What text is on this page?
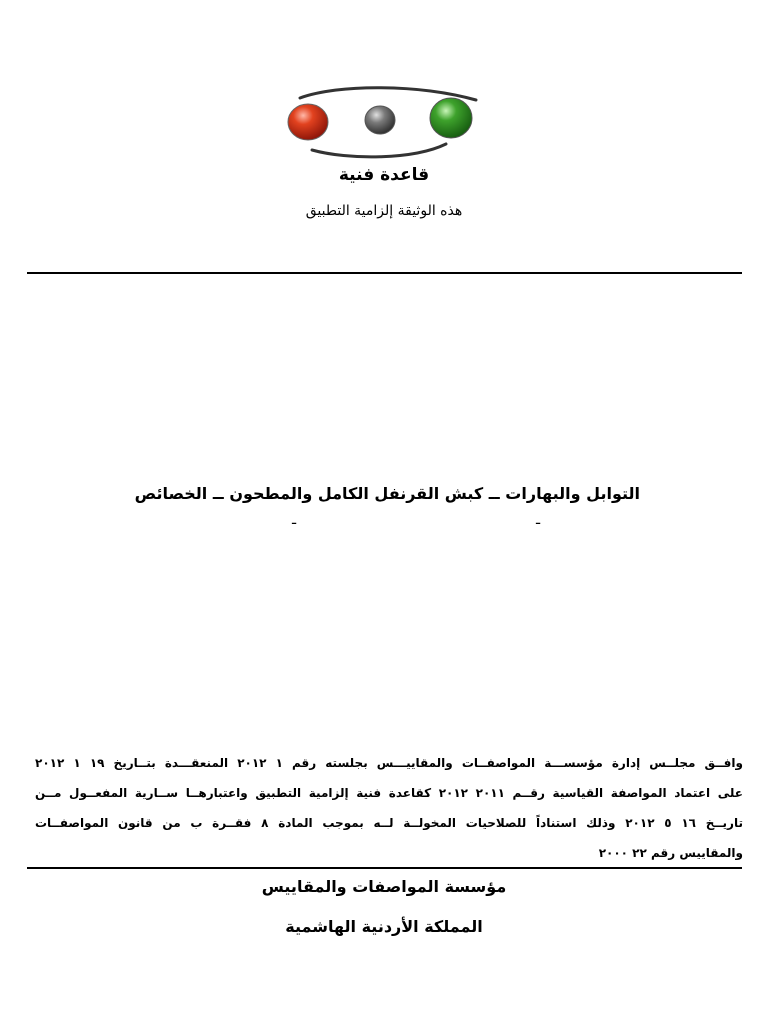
قاعدة فنية
هذه الوثيقة إلزامية التطبيق
التوابل والبهارات ــ كبش القرنفل الكامل والمطحون ــ الخصائص
ـ
ـ
وافــق مجلــس إدارة مؤسســـة المواصفــات والمقاييـــس بجلسته رقم ١ ٢٠١٢ المنعقـــدة بتــاريخ ١٩ ١ ٢٠١٢
على اعتماد المواصفة القياسية رقــم ٢٠١١ ٢٠١٢ كقاعدة فنية إلزامية التطبيق واعتبارهــا ســارية المفعــول مــن
تاريــخ ١٦ ٥ ٢٠١٢ وذلك استناداً للصلاحيات المخولــة لــه بموجب المادة ٨ فقــرة ب من قانون المواصفــات
والمقاييس رقم ٢٢ ٢٠٠٠
مؤسسة المواصفات والمقاييس
المملكة الأردنية الهاشمية
